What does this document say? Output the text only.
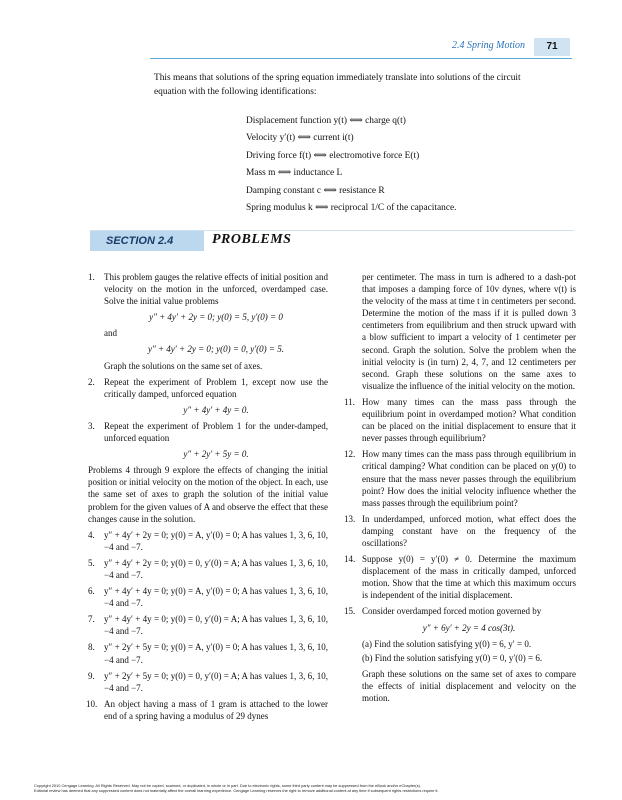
2.4 Spring Motion	71
This means that solutions of the spring equation immediately translate into solutions of the circuit equation with the following identifications:
Displacement function y(t) ⟺ charge q(t)
Velocity y′(t) ⟺ current i(t)
Driving force f(t) ⟺ electromotive force E(t)
Mass m ⟺ inductance L
Damping constant c ⟺ resistance R
Spring modulus k ⟺ reciprocal 1/C of the capacitance.
SECTION 2.4	PROBLEMS
1. This problem gauges the relative effects of initial position and velocity on the motion in the unforced, overdamped case. Solve the initial value problems
y″ + 4y′ + 2y = 0; y(0) = 5, y′(0) = 0
and
y″ + 4y′ + 2y = 0; y(0) = 0, y′(0) = 5.
Graph the solutions on the same set of axes.
2. Repeat the experiment of Problem 1, except now use the critically damped, unforced equation
y″ + 4y′ + 4y = 0.
3. Repeat the experiment of Problem 1 for the under-damped, unforced equation
y″ + 2y′ + 5y = 0.
Problems 4 through 9 explore the effects of changing the initial position or initial velocity on the motion of the object. In each, use the same set of axes to graph the solution of the initial value problem for the given values of A and observe the effect that these changes cause in the solution.
4. y″ + 4y′ + 2y = 0; y(0) = A, y′(0) = 0; A has values 1, 3, 6, 10, −4 and −7.
5. y″ + 4y′ + 2y = 0; y(0) = 0, y′(0) = A; A has values 1, 3, 6, 10, −4 and −7.
6. y″ + 4y′ + 4y = 0; y(0) = A, y′(0) = 0; A has values 1, 3, 6, 10, −4 and −7.
7. y″ + 4y′ + 4y = 0; y(0) = 0, y′(0) = A; A has values 1, 3, 6, 10, −4 and −7.
8. y″ + 2y′ + 5y = 0; y(0) = A, y′(0) = 0; A has values 1, 3, 6, 10, −4 and −7.
9. y″ + 2y′ + 5y = 0; y(0) = 0, y′(0) = A; A has values 1, 3, 6, 10, −4 and −7.
10. An object having a mass of 1 gram is attached to the lower end of a spring having a modulus of 29 dynes
per centimeter. The mass in turn is adhered to a dash-pot that imposes a damping force of 10v dynes, where v(t) is the velocity of the mass at time t in centimeters per second. Determine the motion of the mass if it is pulled down 3 centimeters from equilibrium and then struck upward with a blow sufficient to impart a velocity of 1 centimeter per second. Graph the solution. Solve the problem when the initial velocity is (in turn) 2, 4, 7, and 12 centimeters per second. Graph these solutions on the same axes to visualize the influence of the initial velocity on the motion.
11. How many times can the mass pass through the equilibrium point in overdamped motion? What condition can be placed on the initial displacement to ensure that it never passes through equilibrium?
12. How many times can the mass pass through equilibrium in critical damping? What condition can be placed on y(0) to ensure that the mass never passes through the equilibrium point? How does the initial velocity influence whether the mass passes through the equilibrium point?
13. In underdamped, unforced motion, what effect does the damping constant have on the frequency of the oscillations?
14. Suppose y(0) = y′(0) ≠ 0. Determine the maximum displacement of the mass in critically damped, unforced motion. Show that the time at which this maximum occurs is independent of the initial displacement.
15. Consider overdamped forced motion governed by
y″ + 6y′ + 2y = 4 cos(3t).
(a) Find the solution satisfying y(0) = 6, y′ = 0.
(b) Find the solution satisfying y(0) = 0, y′(0) = 6.
Graph these solutions on the same set of axes to compare the effects of initial displacement and velocity on the motion.
Copyright 2010 Cengage Learning. All Rights Reserved. May not be copied, scanned, or duplicated, in whole or in part. Due to electronic rights, some third party content may be suppressed from the eBook and/or eChapter(s).
Editorial review has deemed that any suppressed content does not materially affect the overall learning experience. Cengage Learning reserves the right to remove additional content at any time if subsequent rights restrictions require it.
